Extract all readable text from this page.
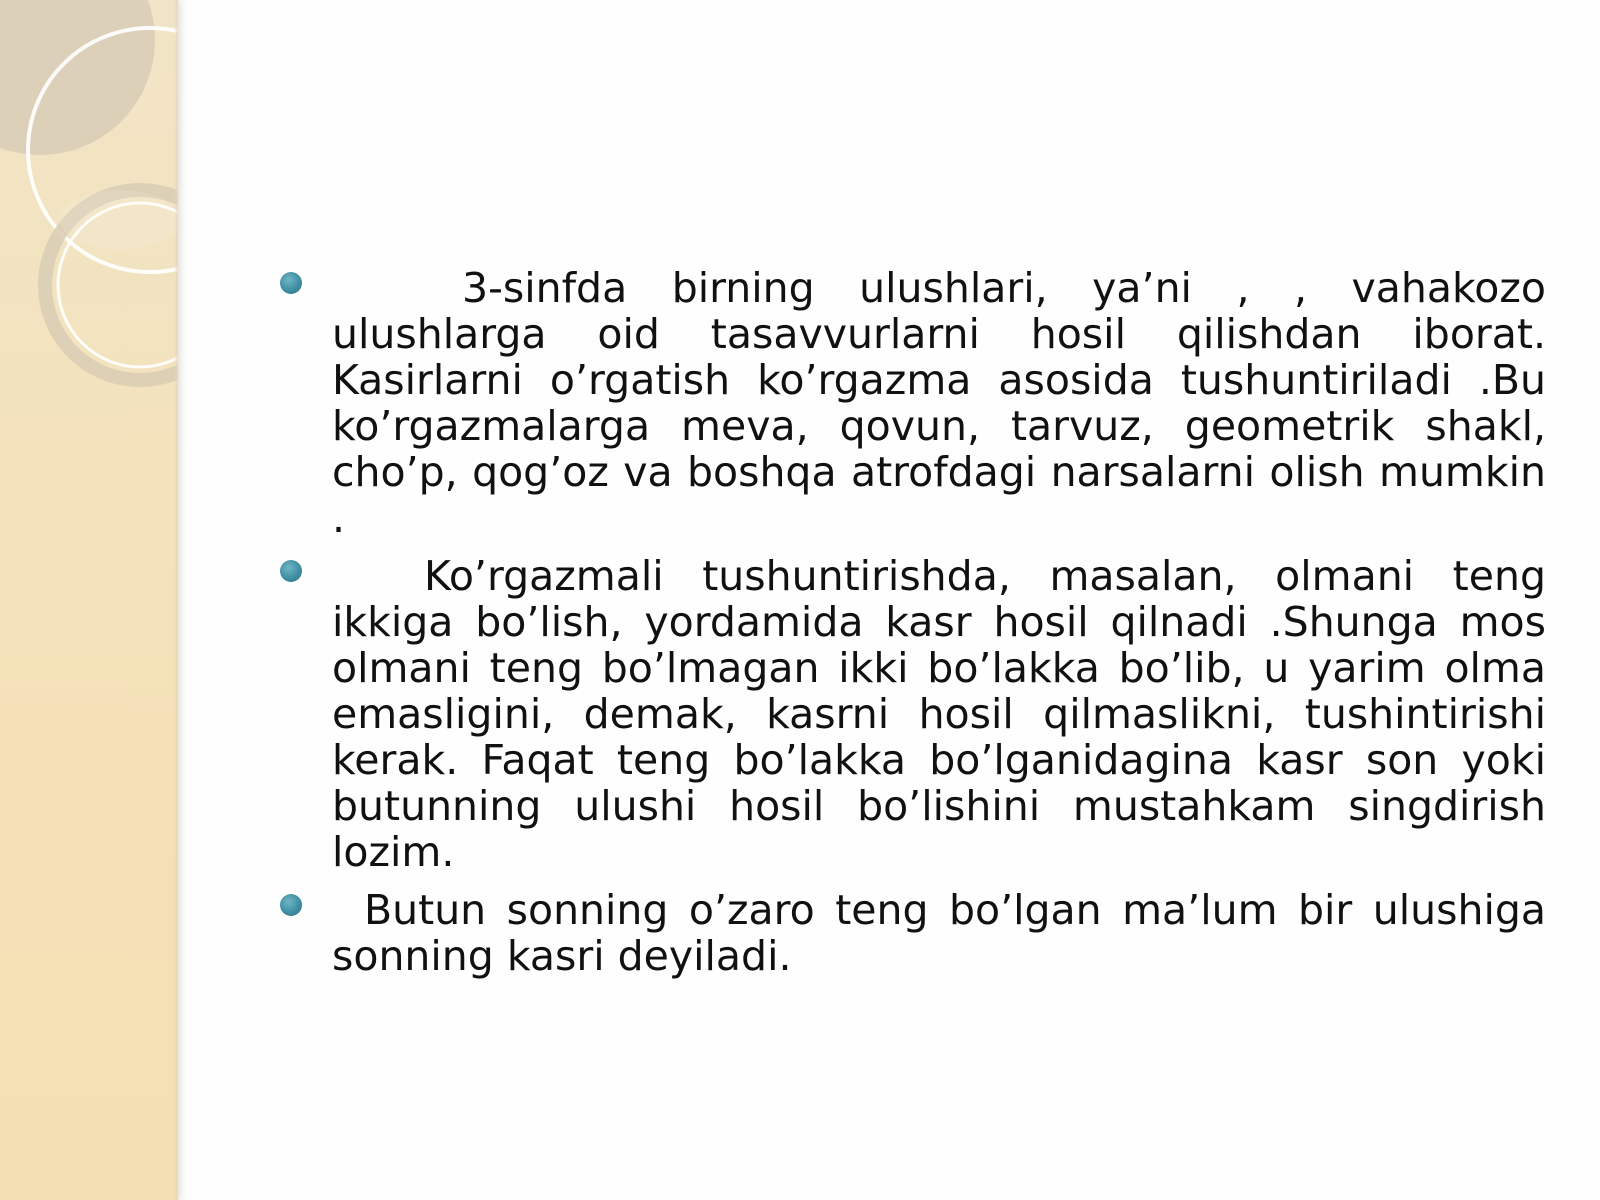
3-sinfda birning ulushlari, ya’ni , , vahakozo ulushlarga oid tasavvurlarni hosil qilishdan iborat. Kasirlarni o’rgatish ko’rgazma asosida tushuntiriladi .Bu ko’rgazmalarga meva, qovun, tarvuz, geometrik shakl, cho’p, qog’oz va boshqa atrofdagi narsalarni olish mumkin .
Ko’rgazmali tushuntirishda, masalan, olmani teng ikkiga bo’lish, yordamida kasr hosil qilnadi .Shunga mos olmani teng bo’lmagan ikki bo’lakka bo’lib, u yarim olma emasligini, demak, kasrni hosil qilmaslikni, tushintirishi kerak. Faqat teng bo’lakka bo’lganidagina kasr son yoki butunning ulushi hosil bo’lishini mustahkam singdirish lozim.
Butun sonning o’zaro teng bo’lgan ma’lum bir ulushiga sonning kasri deyiladi.
